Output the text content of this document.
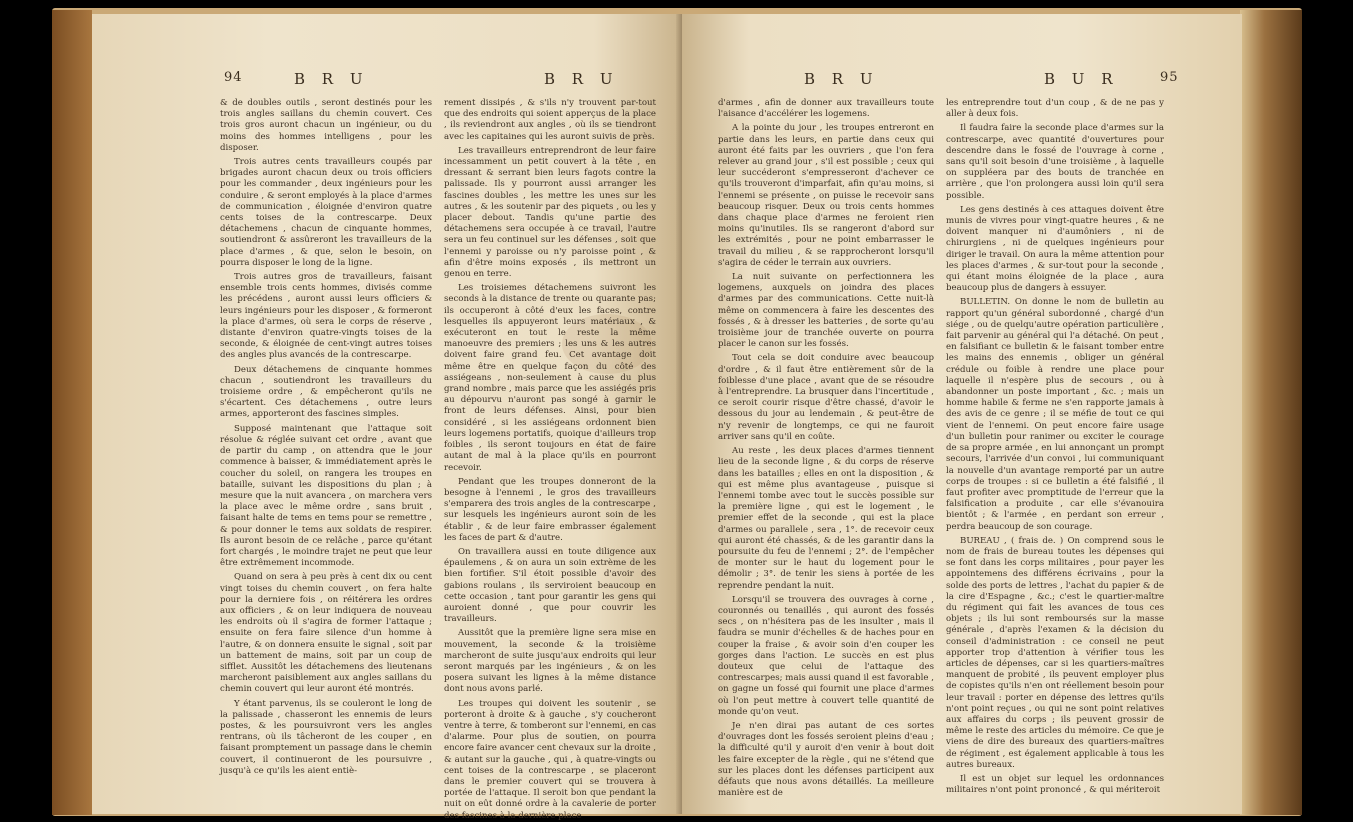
94	B R U	B R U

& de doubles outils , seront destinés pour les trois angles saillans du chemin couvert. Ces trois gros auront chacun un ingénieur, ou du moins des hommes intelligens , pour les disposer.

Trois autres cents travailleurs coupés par brigades auront chacun deux ou trois officiers pour les commander , deux ingénieurs pour les conduire , & seront employés à la place d'armes de communication , éloignée d'environ quatre cents toises de la contrescarpe. Deux détachemens , chacun de cinquante hommes, soutiendront & assûreront les travailleurs de la place d'armes , & que, selon le besoin, on pourra disposer le long de la ligne.

Trois autres gros de travailleurs, faisant ensemble trois cents hommes, divisés comme les précédens , auront aussi leurs officiers & leurs ingénieurs pour les disposer , & formeront la place d'armes, où sera le corps de réserve , distante d'environ quatre-vingts toises de la seconde, & éloignée de cent-vingt autres toises des angles plus avancés de la contrescarpe.

Deux détachemens de cinquante hommes chacun , soutiendront les travailleurs du troisieme ordre , & empêcheront qu'ils ne s'écartent. Ces détachemens , outre leurs armes, apporteront des fascines simples.

Supposé maintenant que l'attaque soit résolue & réglée suivant cet ordre , avant que de partir du camp , on attendra que le jour commence à baisser, & immédiatement après le coucher du soleil, on rangera les troupes en bataille, suivant les dispositions du plan ; à mesure que la nuit avancera , on marchera vers la place avec le même ordre , sans bruit , faisant halte de tems en tems pour se remettre , & pour donner le tems aux soldats de respirer. Ils auront besoin de ce relâche , parce qu'étant fort chargés , le moindre trajet ne peut que leur être extrêmement incommode.

Quand on sera à peu près à cent dix ou cent vingt toises du chemin couvert , on fera halte pour la derniere fois , on réitérera les ordres aux officiers , & on leur indiquera de nouveau les endroits où il s'agira de former l'attaque ; ensuite on fera faire silence d'un homme à l'autre, & on donnera ensuite le signal , soit par un battement de mains, soit par un coup de sifflet. Aussitôt les détachemens des lieutenans marcheront paisiblement aux angles saillans du chemin couvert qui leur auront été montrés.

Y étant parvenus, ils se couleront le long de la palissade , chasseront les ennemis de leurs postes, & les poursuivront vers les angles rentrans, où ils tâcheront de les couper , en faisant promptement un passage dans le chemin couvert, il continueront de les poursuivre , jusqu'à ce qu'ils les aient entiè-

rement dissipés , & s'ils n'y trouvent par-tout que des endroits qui soient apperçus de la place , ils reviendront aux angles , où ils se tiendront avec les capitaines qui les auront suivis de près.

Les travailleurs entreprendront de leur faire incessamment un petit couvert à la tête , en dressant & serrant bien leurs fagots contre la palissade. Ils y pourront aussi arranger les fascines doubles , les mettre les unes sur les autres , & les soutenir par des piquets , ou les y placer debout. Tandis qu'une partie des détachemens sera occupée à ce travail, l'autre sera un feu continuel sur les défenses , soit que l'ennemi y paroisse ou n'y paroisse point , & afin d'être moins exposés , ils mettront un genou en terre.

Les troisiemes détachemens suivront les seconds à la distance de trente ou quarante pas; ils occuperont à côté d'eux les faces, contre lesquelles ils appuyeront leurs matériaux , & exécuteront en tout le reste la même manoeuvre des premiers ; les uns & les autres doivent faire grand feu. Cet avantage doit même être en quelque façon du côté des assiégeans , non-seulement à cause du plus grand nombre , mais parce que les assiégés pris au dépourvu n'auront pas songé à garnir le front de leurs défenses. Ainsi, pour bien considéré , si les assiégeans ordonnent bien leurs logemens portatifs, quoique d'ailleurs trop foibles , ils seront toujours en état de faire autant de mal à la place qu'ils en pourront recevoir.

Pendant que les troupes donneront de la besogne à l'ennemi , le gros des travailleurs s'emparera des trois angles de la contrescarpe , sur lesquels les ingénieurs auront soin de les établir , & de leur faire embrasser également les faces de part & d'autre.

On travaillera aussi en toute diligence aux épaulemens , & on aura un soin extrème de les bien fortifier. S'il étoit possible d'avoir des gabions roulans , ils serviroient beaucoup en cette occasion , tant pour garantir les gens qui auroient donné , que pour couvrir les travailleurs.

Aussitôt que la première ligne sera mise en mouvement, la seconde & la troisième marcheront de suite jusqu'aux endroits qui leur seront marqués par les ingénieurs , & on les posera suivant les lignes à la même distance dont nous avons parlé.

Les troupes qui doivent les soutenir , se porteront à droite & à gauche , s'y coucheront ventre à terre, & tomberont sur l'ennemi, en cas d'alarme. Pour plus de soutien, on pourra encore faire avancer cent chevaux sur la droite , & autant sur la gauche , qui , à quatre-vingts ou cent toises de la contrescarpe , se placeront dans le premier couvert qui se trouvera à portée de l'attaque. Il seroit bon que pendant la nuit on eût donné ordre à la cavalerie de porter des fascines à la dernière place

B R U	B U R	95

d'armes , afin de donner aux travailleurs toute l'aisance d'accélérer les logemens.

A la pointe du jour , les troupes entreront en partie dans les leurs, en partie dans ceux qui auront été faits par les ouvriers , que l'on fera relever au grand jour , s'il est possible ; ceux qui leur succéderont s'empresseront d'achever ce qu'ils trouveront d'imparfait, afin qu'au moins, si l'ennemi se présente , on puisse le recevoir sans beaucoup risquer. Deux ou trois cents hommes dans chaque place d'armes ne feroient rien moins qu'inutiles. Ils se rangeront d'abord sur les extrémités , pour ne point embarrasser le travail du milieu , & se rapprocheront lorsqu'il s'agira de céder le terrain aux ouvriers.

La nuit suivante on perfectionnera les logemens, auxquels on joindra des places d'armes par des communications. Cette nuit-là même on commencera à faire les descentes des fossés , & à dresser les batteries , de sorte qu'au troisième jour de tranchée ouverte on pourra placer le canon sur les fossés.

Tout cela se doit conduire avec beaucoup d'ordre , & il faut être entièrement sûr de la foiblesse d'une place , avant que de se résoudre à l'entreprendre. La brusquer dans l'incertitude , ce seroit courir risque d'être chassé, d'avoir le dessous du jour au lendemain , & peut-être de n'y revenir de longtemps, ce qui ne fauroit arriver sans qu'il en coûte.

Au reste , les deux places d'armes tiennent lieu de la seconde ligne , & du corps de réserve dans les batailles ; elles en ont la disposition , & qui est même plus avantageuse , puisque si l'ennemi tombe avec tout le succès possible sur la première ligne , qui est le logement , le premier effet de la seconde , qui est la place d'armes ou parallele , sera , 1°. de recevoir ceux qui auront été chassés, & de les garantir dans la poursuite du feu de l'ennemi ; 2°. de l'empêcher de monter sur le haut du logement pour le démolir ; 3°. de tenir les siens à portée de les reprendre pendant la nuit.

Lorsqu'il se trouvera des ouvrages à corne , couronnés ou tenaillés , qui auront des fossés secs , on n'hésitera pas de les insulter , mais il faudra se munir d'échelles & de haches pour en couper la fraise , & avoir soin d'en couper les gorges dans l'action. Le succès en est plus douteux que celui de l'attaque des contrescarpes; mais aussi quand il est favorable , on gagne un fossé qui fournit une place d'armes où l'on peut mettre à couvert telle quantité de monde qu'on veut.

Je n'en dirai pas autant de ces sortes d'ouvrages dont les fossés seroient pleins d'eau ; la difficulté qu'il y auroit d'en venir à bout doit les faire excepter de la règle , qui ne s'étend que sur les places dont les défenses participent aux défauts que nous avons détaillés. La meilleure manière est de

les entreprendre tout d'un coup , & de ne pas y aller à deux fois.

Il faudra faire la seconde place d'armes sur la contrescarpe, avec quantité d'ouvertures pour descendre dans le fossé de l'ouvrage à corne , sans qu'il soit besoin d'une troisième , à laquelle on suppléera par des bouts de tranchée en arrière , que l'on prolongera aussi loin qu'il sera possible.

Les gens destinés à ces attaques doivent être munis de vivres pour vingt-quatre heures , & ne doivent manquer ni d'aumôniers , ni de chirurgiens , ni de quelques ingénieurs pour diriger le travail. On aura la même attention pour les places d'armes , & sur-tout pour la seconde , qui étant moins éloignée de la place , aura beaucoup plus de dangers à essuyer.

BULLETIN. On donne le nom de bulletin au rapport qu'un général subordonné , chargé d'un siége , ou de quelqu'autre opération particulière , fait parvenir au général qui l'a détaché. On peut , en falsifiant ce bulletin & le faisant tomber entre les mains des ennemis , obliger un général crédule ou foible à rendre une place pour laquelle il n'espère plus de secours , ou à abandonner un poste important , &c. ; mais un homme habile & ferme ne s'en rapporte jamais à des avis de ce genre ; il se méfie de tout ce qui vient de l'ennemi. On peut encore faire usage d'un bulletin pour ranimer ou exciter le courage de sa propre armée , en lui annonçant un prompt secours, l'arrivée d'un convoi , lui communiquant la nouvelle d'un avantage remporté par un autre corps de troupes : si ce bulletin a été falsifié , il faut profiter avec promptitude de l'erreur que la falsification a produite , car elle s'évanouira bientôt ; & l'armée , en perdant son erreur , perdra beaucoup de son courage.

BUREAU , ( frais de. ) On comprend sous le nom de frais de bureau toutes les dépenses qui se font dans les corps militaires , pour payer les appointemens des différens écrivains , pour la solde des ports de lettres , l'achat du papier & de la cire d'Espagne , &c.; c'est le quartier-maître du régiment qui fait les avances de tous ces objets ; ils lui sont remboursés sur la masse générale , d'après l'examen & la décision du conseil d'administration : ce conseil ne peut apporter trop d'attention à vérifier tous les articles de dépenses, car si les quartiers-maîtres manquent de probité , ils peuvent employer plus de copistes qu'ils n'en ont réellement besoin pour leur travail : porter en dépense des lettres qu'ils n'ont point reçues , ou qui ne sont point relatives aux affaires du corps ; ils peuvent grossir de même le reste des articles du mémoire. Ce que je viens de dire des bureaux des quartiers-maîtres de régiment , est également applicable à tous les autres bureaux.

Il est un objet sur lequel les ordonnances militaires n'ont point prononcé , & qui mériteroit
